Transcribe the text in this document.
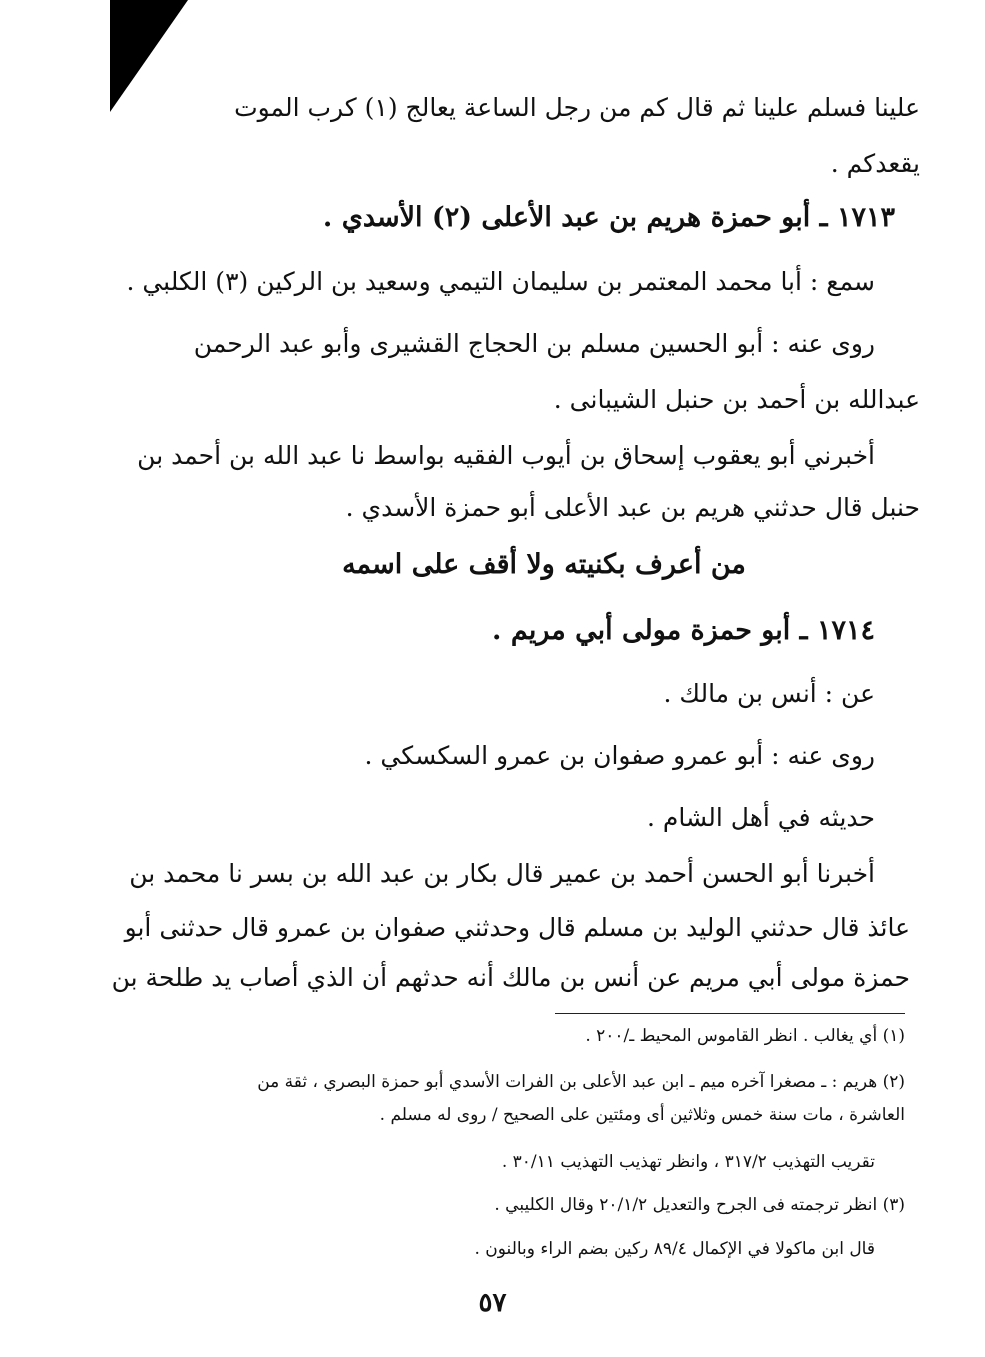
علينا فسلم علينا ثم قال كم من رجل الساعة يعالج (١) كرب الموت
يقعدكم .
١٧١٣ ـ أبو حمزة هريم بن عبد الأعلى (٢) الأسدي .
سمع : أبا محمد المعتمر بن سليمان التيمي وسعيد بن الركين (٣) الكلبي .
روى عنه : أبو الحسين مسلم بن الحجاج القشيرى وأبو عبد الرحمن
عبدالله بن أحمد بن حنبل الشيبانى .
أخبرني أبو يعقوب إسحاق بن أيوب الفقيه بواسط نا عبد الله بن أحمد بن
حنبل قال حدثني هريم بن عبد الأعلى أبو حمزة الأسدي .
من أعرف بكنيته ولا أقف على اسمه
١٧١٤ ـ أبو حمزة مولى أبي مريم .
عن : أنس بن مالك .
روى عنه : أبو عمرو صفوان بن عمرو السكسكي .
حديثه في أهل الشام .
أخبرنا أبو الحسن أحمد بن عمير قال بكار بن عبد الله بن بسر نا محمد بن
عائذ قال حدثني الوليد بن مسلم قال وحدثني صفوان بن عمرو قال حدثنى أبو
حمزة مولى أبي مريم عن أنس بن مالك أنه حدثهم أن الذي أصاب يد طلحة بن
(١) أي يغالب . انظر القاموس المحيط ـ/٢٠٠ .
(٢) هريم : ـ مصغرا آخره ميم ـ ابن عبد الأعلى بن الفرات الأسدي أبو حمزة البصري ، ثقة من
العاشرة ، مات سنة خمس وثلاثين أى ومئتين على الصحيح / روى له مسلم .
تقريب التهذيب ٣١٧/٢ ، وانظر تهذيب التهذيب ٣٠/١١ .
(٣) انظر ترجمته فى الجرح والتعديل ٢٠/١/٢ وقال الكليبي .
قال ابن ماكولا في الإكمال ٨٩/٤ ركين بضم الراء وبالنون .
٥٧
